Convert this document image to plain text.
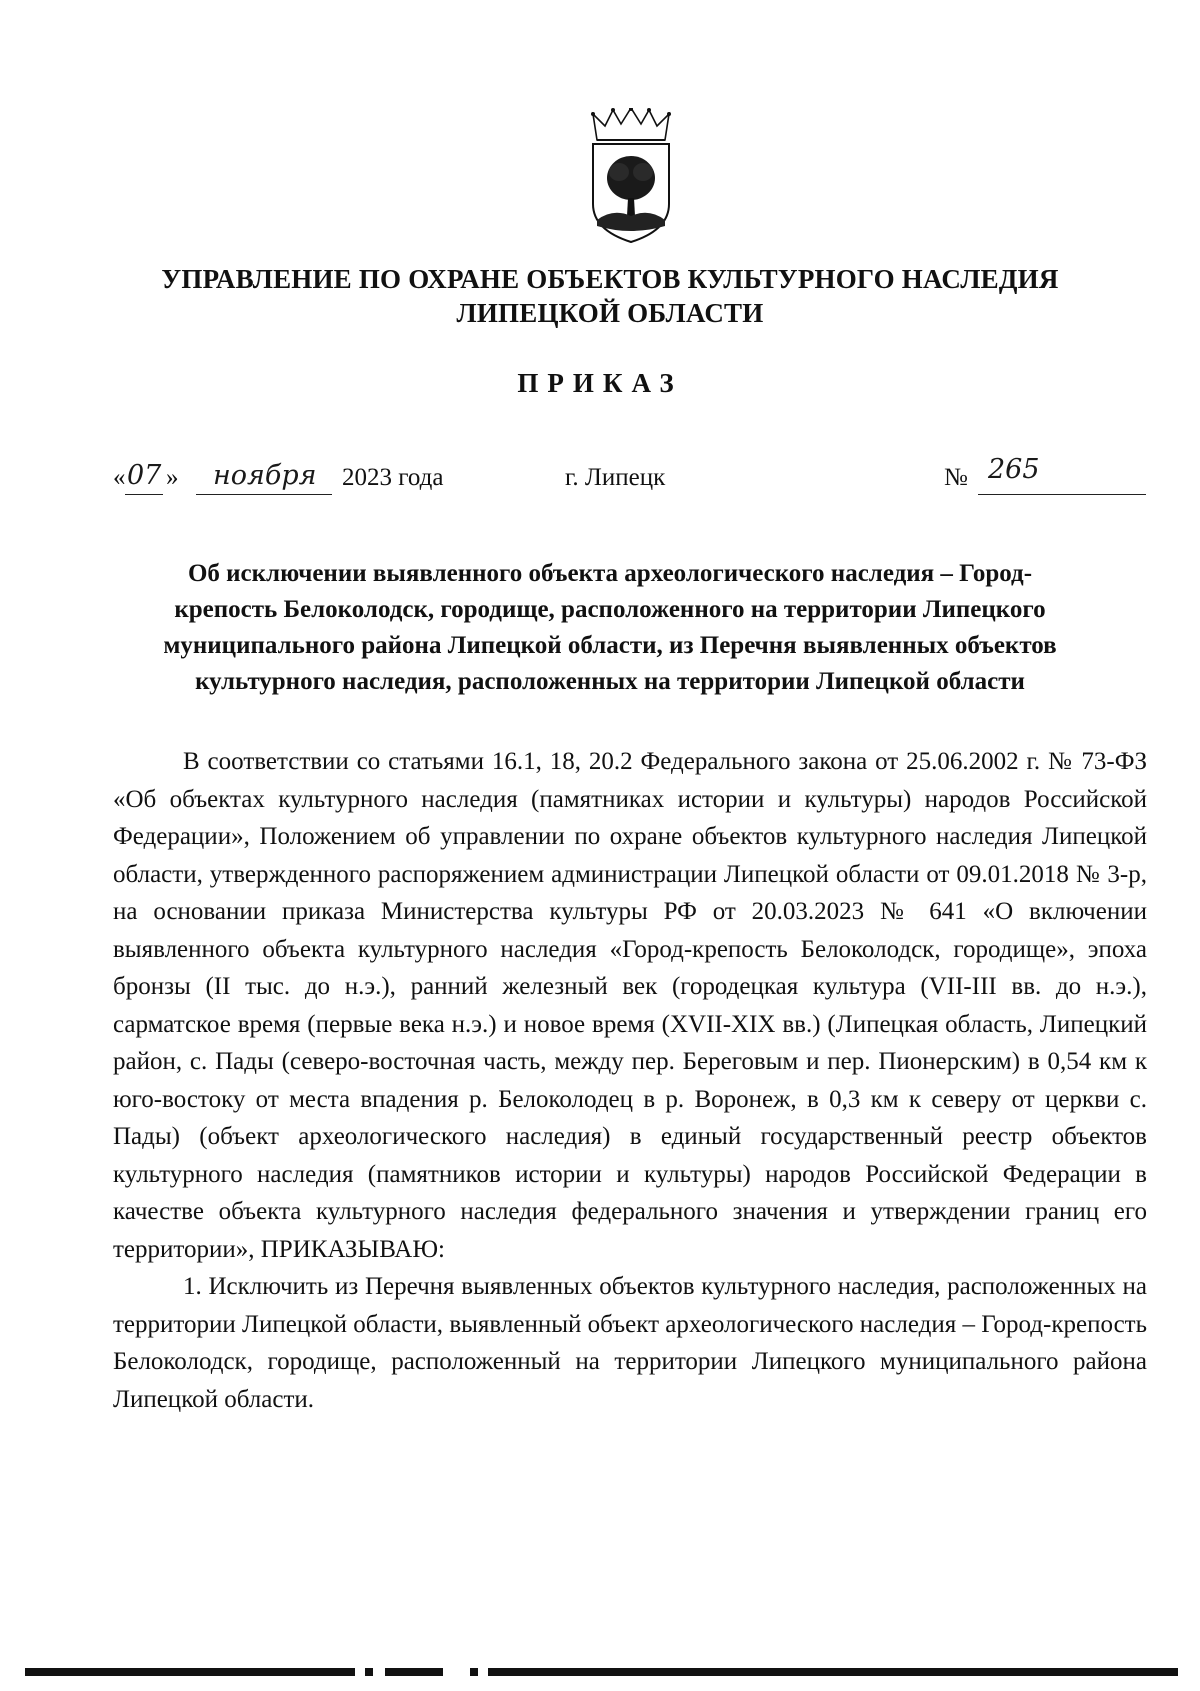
УПРАВЛЕНИЕ ПО ОХРАНЕ ОБЪЕКТОВ КУЛЬТУРНОГО НАСЛЕДИЯ
ЛИПЕЦКОЙ ОБЛАСТИ
ПРИКАЗ
« 07 » ноября 2023 года	г. Липецк	№ 265
Об исключении выявленного объекта археологического наследия – Город-
крепость Белоколодск, городище, расположенного на территории Липецкого
муниципального района Липецкой области, из Перечня выявленных объектов
культурного наследия, расположенных на территории Липецкой области

В соответствии со статьями 16.1, 18, 20.2 Федерального закона от 25.06.2002 г. № 73-ФЗ «Об объектах культурного наследия (памятниках истории и культуры) народов Российской Федерации», Положением об управлении по охране объектов культурного наследия Липецкой области, утвержденного распоряжением администрации Липецкой области от 09.01.2018 № 3-р, на основании приказа Министерства культуры РФ от 20.03.2023 № 641 «О включении выявленного объекта культурного наследия «Город-крепость Белоколодск, городище», эпоха бронзы (II тыс. до н.э.), ранний железный век (городецкая культура (VII-III вв. до н.э.), сарматское время (первые века н.э.) и новое время (XVII-XIX вв.) (Липецкая область, Липецкий район, с. Пады (северо-восточная часть, между пер. Береговым и пер. Пионерским) в 0,54 км к юго-востоку от места впадения р. Белоколодец в р. Воронеж, в 0,3 км к северу от церкви с. Пады) (объект археологического наследия) в единый государственный реестр объектов культурного наследия (памятников истории и культуры) народов Российской Федерации в качестве объекта культурного наследия федерального значения и утверждении границ его территории», ПРИКАЗЫВАЮ:

1. Исключить из Перечня выявленных объектов культурного наследия, расположенных на территории Липецкой области, выявленный объект археологического наследия – Город-крепость Белоколодск, городище, расположенный на территории Липецкого муниципального района Липецкой области.
